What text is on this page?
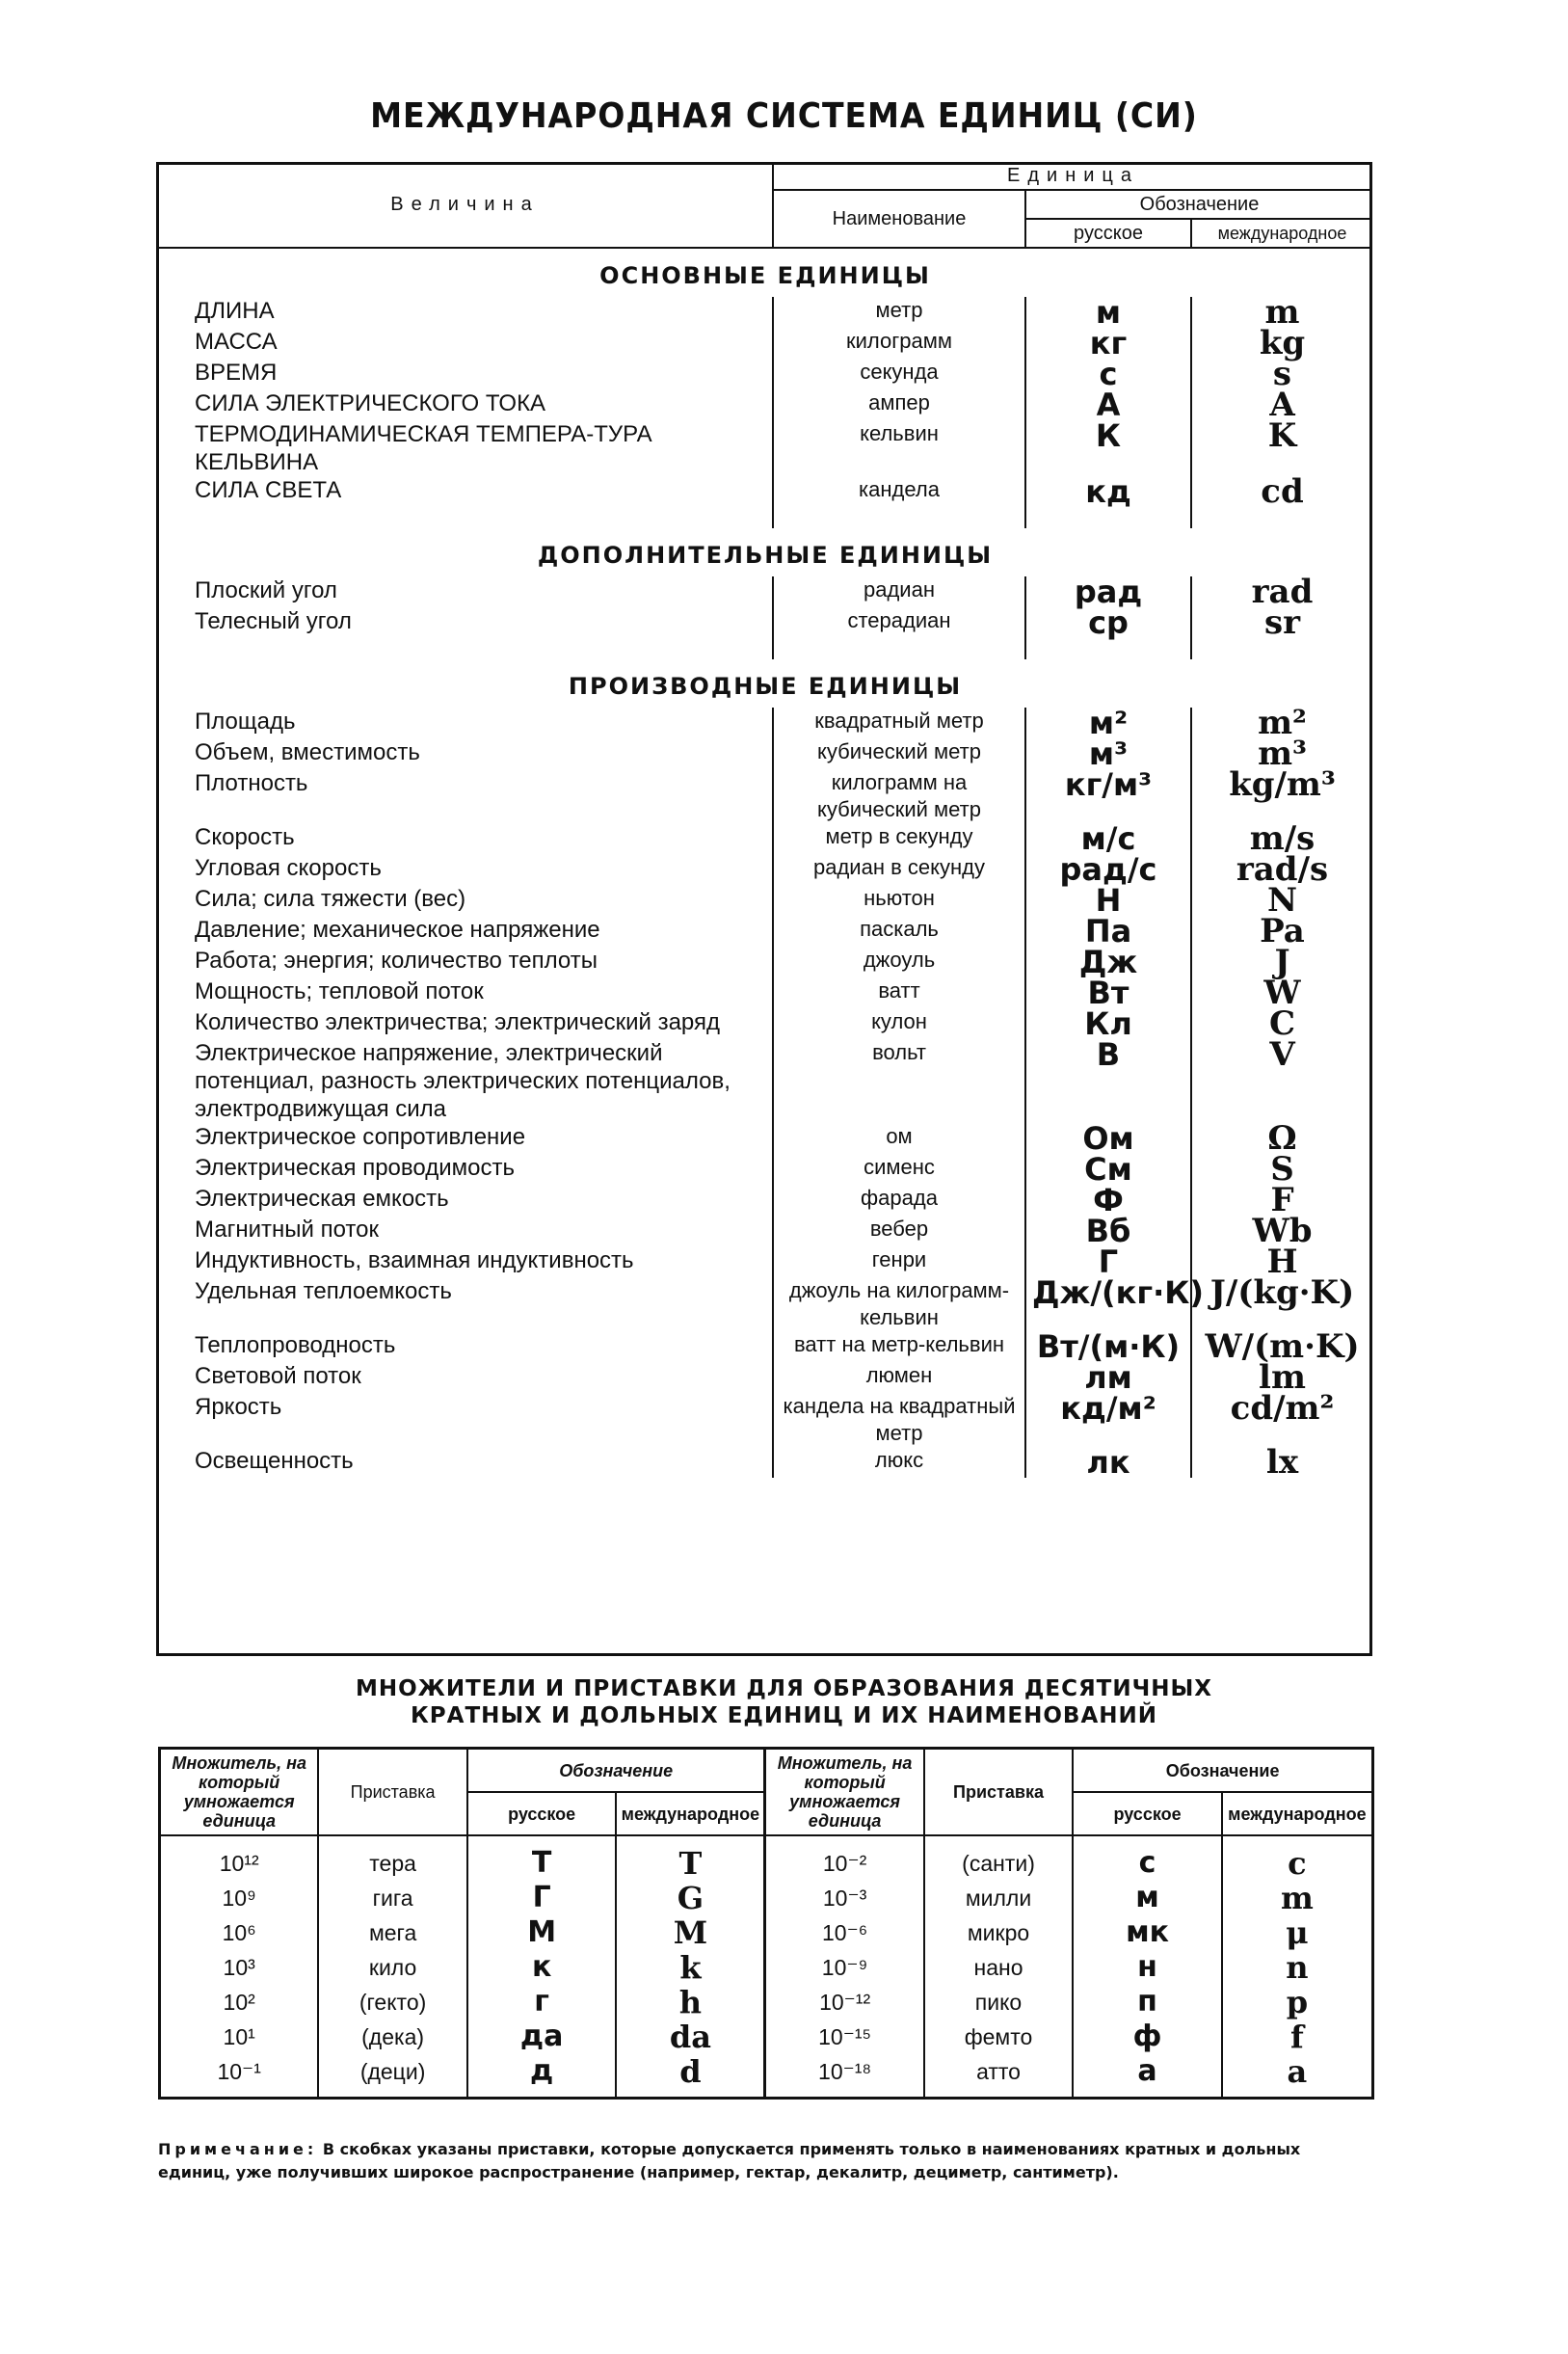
МЕЖДУНАРОДНАЯ СИСТЕМА ЕДИНИЦ (СИ)
Величина	Единица		
	Наименование	Обозначение	
		русское	международное
ОСНОВНЫЕ ЕДИНИЦЫ			
ДЛИНА	метр	м	m
МАССА	килограмм	кг	kg
ВРЕМЯ	секунда	с	s
СИЛА ЭЛЕКТРИЧЕСКОГО ТОКА	ампер	А	A
ТЕРМОДИНАМИЧЕСКАЯ ТЕМПЕРА-ТУРА КЕЛЬВИНА	кельвин	К	K
СИЛА СВЕТА	кандела	кд	cd

ДОПОЛНИТЕЛЬНЫЕ ЕДИНИЦЫ			
Плоский угол	радиан	рад	rad
Телесный угол	стерадиан	ср	sr

ПРОИЗВОДНЫЕ ЕДИНИЦЫ			
Площадь	квадратный метр	м²	m²
Объем, вместимость	кубический метр	м³	m³
Плотность	килограмм на кубический метр	кг/м³	kg/m³
Скорость	метр в секунду	м/с	m/s
Угловая скорость	радиан в секунду	рад/с	rad/s
Сила; сила тяжести (вес)	ньютон	Н	N
Давление; механическое напряжение	паскаль	Па	Pa
Работа; энергия; количество теплоты	джоуль	Дж	J
Мощность; тепловой поток	ватт	Вт	W
Количество электричества; электрический заряд	кулон	Кл	C
Электрическое напряжение, электрический потенциал, разность электрических потенциалов, электродвижущая сила	вольт	В	V
Электрическое сопротивление	ом	Ом	Ω
Электрическая проводимость	сименс	См	S
Электрическая емкость	фарада	Ф	F
Магнитный поток	вебер	Вб	Wb
Индуктивность, взаимная индуктивность	генри	Г	H
Удельная теплоемкость	джоуль на килограмм-кельвин	Дж/(кг·К)	J/(kg·K)
Теплопроводность	ватт на метр-кельвин	Вт/(м·К)	W/(m·K)
Световой поток	люмен	лм	lm
Яркость	кандела на квадратный метр	кд/м²	cd/m²
Освещенность	люкс	лк	lx
МНОЖИТЕЛИ И ПРИСТАВКИ ДЛЯ ОБРАЗОВАНИЯ ДЕСЯТИЧНЫХ КРАТНЫХ И ДОЛЬНЫХ ЕДИНИЦ И ИХ НАИМЕНОВАНИЙ
Множитель, на который умножается единица	Приставка	Обозначение		Множитель, на который умножается единица	Приставка	Обозначение	
		русское	международное			русское	международное
10¹²	тера	Т	T	10⁻²	(санти)	с	c
10⁹	гига	Г	G	10⁻³	милли	м	m
10⁶	мега	М	M	10⁻⁶	микро	мк	μ
10³	кило	к	k	10⁻⁹	нано	н	n
10²	(гекто)	г	h	10⁻¹²	пико	п	p
10¹	(дека)	да	da	10⁻¹⁵	фемто	ф	f
10⁻¹	(деци)	д	d	10⁻¹⁸	атто	а	a
Примечание: В скобках указаны приставки, которые допускается применять только в наименованиях кратных и дольных единиц, уже получивших широкое распространение (например, гектар, декалитр, дециметр, сантиметр).
